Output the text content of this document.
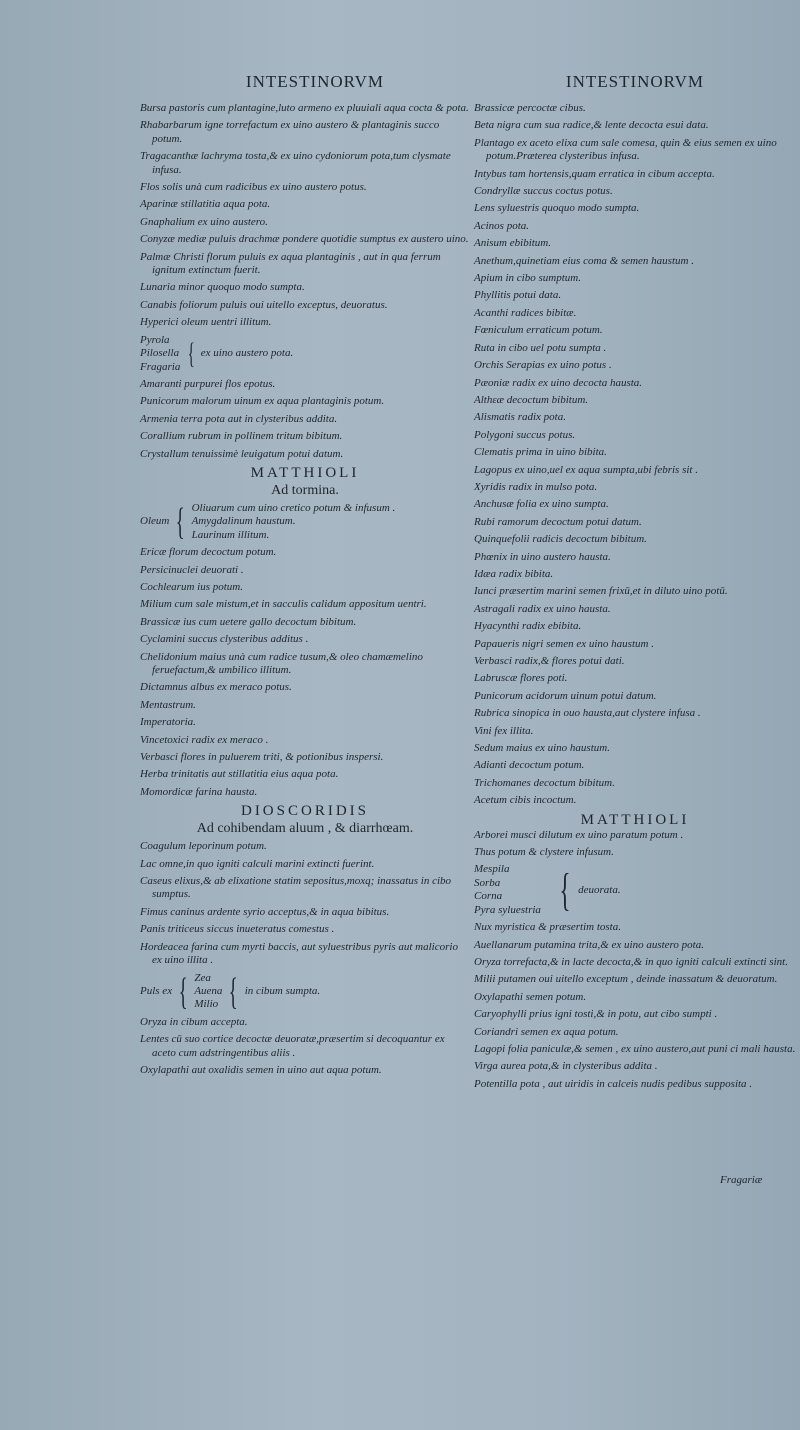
INTESTINORVM
Bursa pastoris cum plantagine,luto armeno ex pluuiali aqua cocta & pota.
Rhabarbarum igne torrefactum ex uino austero & plantaginis succo potum.
Tragacanthæ lachryma tosta,& ex uino cydoniorum pota,tum clysmate infusa.
Flos solis unà cum radicibus ex uino austero potus.
Aparinæ stillatitia aqua pota.
Gnaphalium ex uino austero.
Conyzæ mediæ puluis drachmæ pondere quotidie sumptus ex austero uino.
Palmæ Christi florum puluis ex aqua plantaginis , aut in qua ferrum ignitum extinctum fuerit.
Lunaria minor quoquo modo sumpta.
Canabis foliorum puluis oui uitello exceptus, deuoratus.
Hyperici oleum uentri illitum.
Pyrola
Pilosella
Fragaria { ex uino austero pota.
Amaranti purpurei flos epotus.
Punicorum malorum uinum ex aqua plantaginis potum.
Armenia terra pota aut in clysteribus addita.
Corallium rubrum in pollinem tritum bibitum.
Crystallum tenuissimè leuigatum potui datum.
MATTHIOLI
Ad tormina.
Oleum { Oliuarum cum uino cretico potum & infusum .
Amygdalinum haustum.
Laurinum illitum.
Ericæ florum decoctum potum.
Persicinuclei deuorati .
Cochlearum ius potum.
Milium cum sale mistum,et in sacculis calidum appositum uentri.
Brassicæ ius cum uetere gallo decoctum bibitum.
Cyclamini succus clysteribus additus .
Chelidonium maius unà cum radice tusum,& oleo chamæmelino feruefactum,& umbilico illitum.
Dictamnus albus ex meraco potus.
Mentastrum.
Imperatoria.
Vincetoxici radix ex meraco .
Verbasci flores in puluerem triti, & potionibus inspersi.
Herba trinitatis aut stillatitia eius aqua pota.
Momordicæ farina hausta.
DIOSCORIDIS
Ad cohibendam aluum , & diarrhœam.
Coagulum leporinum potum.
Lac omne,in quo igniti calculi marini extincti fuerint.
Caseus elixus,& ab elixatione statim sepositus,moxq; inassatus in cibo sumptus.
Fimus caninus ardente syrio acceptus,& in aqua bibitus.
Panis triticeus siccus inueteratus comestus .
Hordeacea farina cum myrti baccis, aut syluestribus pyris aut malicorio ex uino illita .
Puls ex { Zea
Auena
Milio { in cibum sumpta.
Oryza in cibum accepta.
Lentes cū suo cortice decoctæ deuoratæ,præsertim si decoquantur ex aceto cum adstringentibus aliis .
Oxylapathi aut oxalidis semen in uino aut aqua potum.
INTESTINORVM
Brassicæ percoctæ cibus.
Beta nigra cum sua radice,& lente decocta esui data.
Plantago ex aceto elixa cum sale comesa, quin & eius semen ex uino potum.Præterea clysteribus infusa.
Intybus tam hortensis,quam erratica in cibum accepta.
Condryllæ succus coctus potus.
Lens syluestris quoquo modo sumpta.
Acinos pota.
Anisum ebibitum.
Anethum,quinetiam eius coma & semen haustum .
Apium in cibo sumptum.
Phyllitis potui data.
Acanthi radices bibitæ.
Fœniculum erraticum potum.
Ruta in cibo uel potu sumpta .
Orchis Serapias ex uino potus .
Pæoniæ radix ex uino decocta hausta.
Althεæ decoctum bibitum.
Alismatis radix pota.
Polygoni succus potus.
Clematis prima in uino bibita.
Lagopus ex uino,uel ex aqua sumpta,ubi febris sit .
Xyridis radix in mulso pota.
Anchusæ folia ex uino sumpta.
Rubi ramorum decoctum potui datum.
Quinquefolii radicis decoctum bibitum.
Phœnix in uino austero hausta.
Idæa radix bibita.
Iunci præsertim marini semen frixū,et in diluto uino potū.
Astragali radix ex uino hausta.
Hyacynthi radix ebibita.
Papaueris nigri semen ex uino haustum .
Verbasci radix,& flores potui dati.
Labruscæ flores poti.
Punicorum acidorum uinum potui datum.
Rubrica sinopica in ouo hausta,aut clystere infusa .
Vini fex illita.
Sedum maius ex uino haustum.
Adianti decoctum potum.
Trichomanes decoctum bibitum.
Acetum cibis incoctum.
MATTHIOLI
Arborei musci dilutum ex uino paratum potum .
Thus potum & clystere infusum.
Mespila
Sorba
Corna
Pyra syluestria { deuorata.
Nux myristica & præsertim tosta.
Auellanarum putamina trita,& ex uino austero pota.
Oryza torrefacta,& in lacte decocta,& in quo igniti calculi extincti sint.
Milii putamen oui uitello exceptum , deinde inassatum & deuoratum.
Oxylapathi semen potum.
Caryophylli prius igni tosti,& in potu, aut cibo sumpti .
Coriandri semen ex aqua potum.
Lagopi folia paniculæ,& semen , ex uino austero,aut puni ci mali hausta.
Virga aurea pota,& in clysteribus addita .
Potentilla pota , aut uiridis in calceis nudis pedibus supposita .
Fragariæ
